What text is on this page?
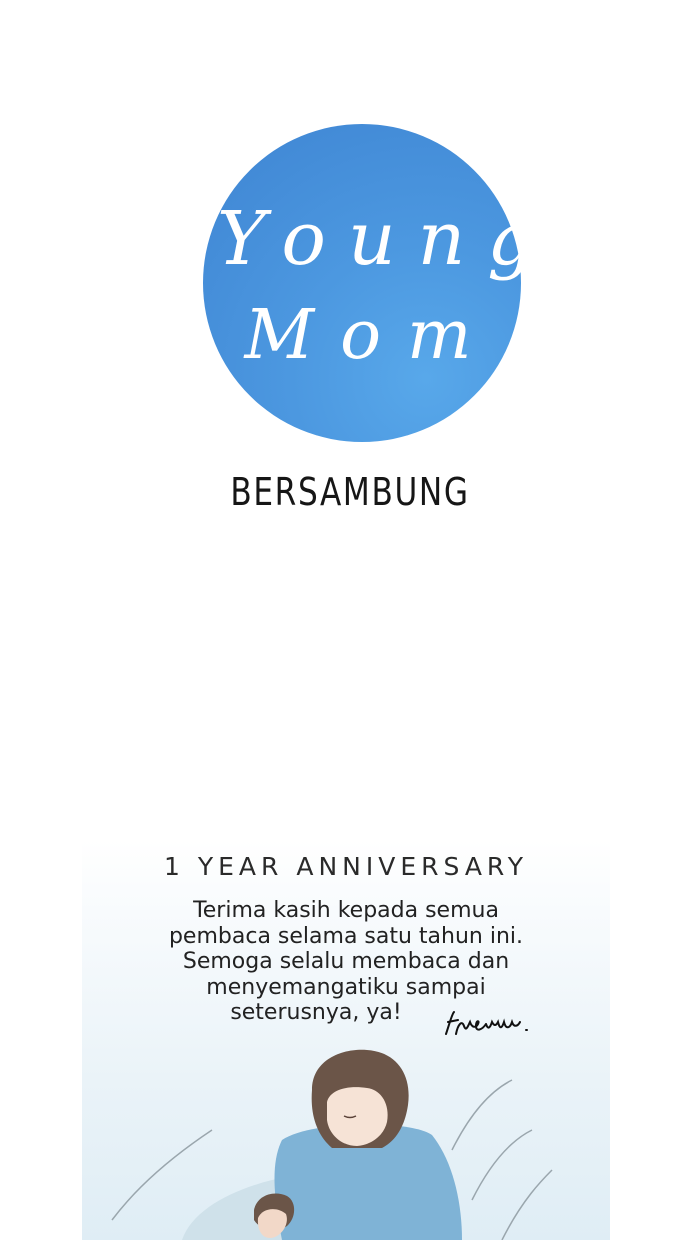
Young
Mom
BERSAMBUNG
1 YEAR ANNIVERSARY
Terima kasih kepada semua
pembaca selama satu tahun ini.
Semoga selalu membaca dan
menyemangatiku sampai
seterusnya, ya!
